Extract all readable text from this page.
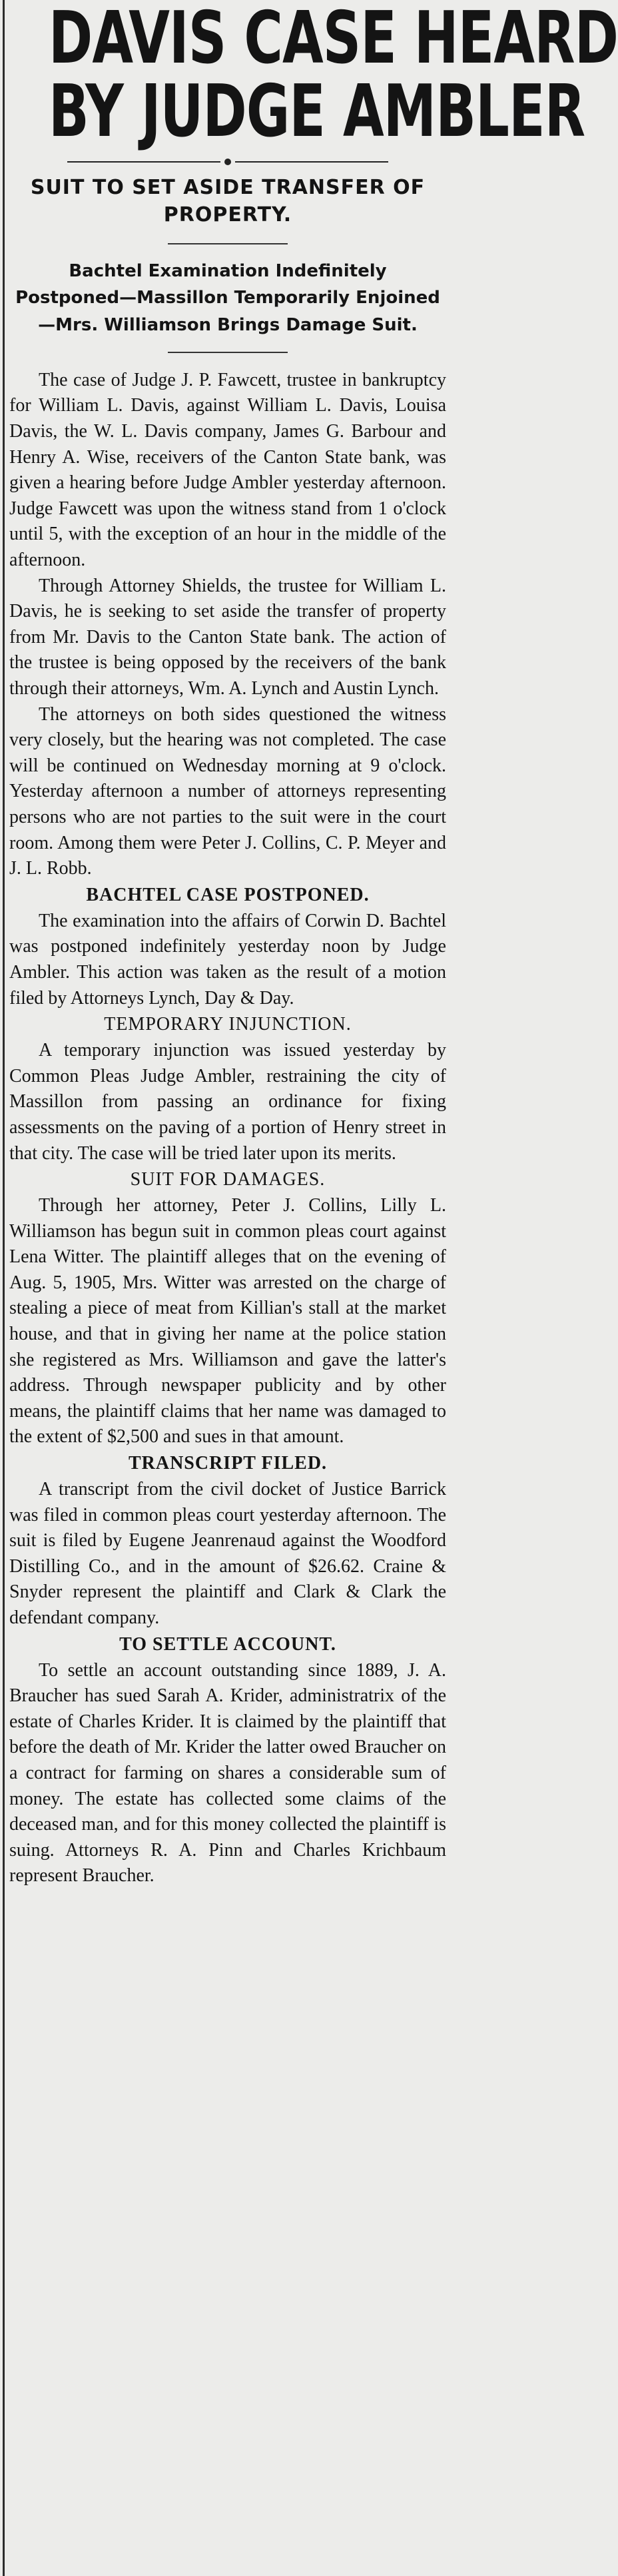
DAVIS CASE HEARD
BY JUDGE AMBLER
SUIT TO SET ASIDE TRANSFER OF PROPERTY.
Bachtel Examination Indefinitely Postponed—Massillon Temporarily Enjoined—Mrs. Williamson Brings Damage Suit.

The case of Judge J. P. Fawcett, trustee in bankruptcy for William L. Davis, against William L. Davis, Louisa Davis, the W. L. Davis company, James G. Barbour and Henry A. Wise, receivers of the Canton State bank, was given a hearing before Judge Ambler yesterday afternoon. Judge Fawcett was upon the witness stand from 1 o'clock until 5, with the exception of an hour in the middle of the afternoon.

Through Attorney Shields, the trustee for William L. Davis, he is seeking to set aside the transfer of property from Mr. Davis to the Canton State bank. The action of the trustee is being opposed by the receivers of the bank through their attorneys, Wm. A. Lynch and Austin Lynch.

The attorneys on both sides questioned the witness very closely, but the hearing was not completed. The case will be continued on Wednesday morning at 9 o'clock. Yesterday afternoon a number of attorneys representing persons who are not parties to the suit were in the court room. Among them were Peter J. Collins, C. P. Meyer and J. L. Robb.

BACHTEL CASE POSTPONED.

The examination into the affairs of Corwin D. Bachtel was postponed indefinitely yesterday noon by Judge Ambler. This action was taken as the result of a motion filed by Attorneys Lynch, Day & Day.

TEMPORARY INJUNCTION.

A temporary injunction was issued yesterday by Common Pleas Judge Ambler, restraining the city of Massillon from passing an ordinance for fixing assessments on the paving of a portion of Henry street in that city. The case will be tried later upon its merits.

SUIT FOR DAMAGES.

Through her attorney, Peter J. Collins, Lilly L. Williamson has begun suit in common pleas court against Lena Witter. The plaintiff alleges that on the evening of Aug. 5, 1905, Mrs. Witter was arrested on the charge of stealing a piece of meat from Killian's stall at the market house, and that in giving her name at the police station she registered as Mrs. Williamson and gave the latter's address. Through newspaper publicity and by other means, the plaintiff claims that her name was damaged to the extent of $2,500 and sues in that amount.

TRANSCRIPT FILED.

A transcript from the civil docket of Justice Barrick was filed in common pleas court yesterday afternoon. The suit is filed by Eugene Jeanrenaud against the Woodford Distilling Co., and in the amount of $26.62. Craine & Snyder represent the plaintiff and Clark & Clark the defendant company.

TO SETTLE ACCOUNT.

To settle an account outstanding since 1889, J. A. Braucher has sued Sarah A. Krider, administratrix of the estate of Charles Krider. It is claimed by the plaintiff that before the death of Mr. Krider the latter owed Braucher on a contract for farming on shares a considerable sum of money. The estate has collected some claims of the deceased man, and for this money collected the plaintiff is suing. Attorneys R. A. Pinn and Charles Krichbaum represent Braucher.
